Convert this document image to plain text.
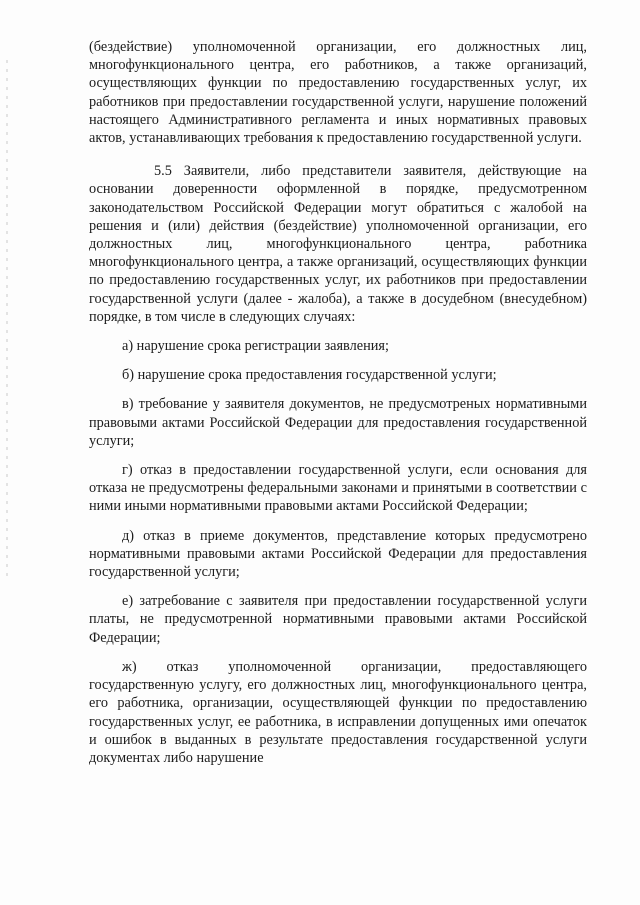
(бездействие) уполномоченной организации, его должностных лиц, многофункционального центра, его работников, а также организаций, осуществляющих функции по предоставлению государственных услуг, их работников при предоставлении государственной услуги, нарушение положений настоящего Административного регламента и иных нормативных правовых актов, устанавливающих требования к предоставлению государственной услуги.

5.5 Заявители, либо представители заявителя, действующие на основании доверенности оформленной в порядке, предусмотренном законодательством Российской Федерации могут обратиться с жалобой на решения и (или) действия (бездействие) уполномоченной организации, его должностных лиц, многофункционального центра, работника многофункционального центра, а также организаций, осуществляющих функции по предоставлению государственных услуг, их работников при предоставлении государственной услуги (далее - жалоба), а также в досудебном (внесудебном) порядке, в том числе в следующих случаях:

а) нарушение срока регистрации заявления;

б) нарушение срока предоставления государственной услуги;

в) требование у заявителя документов, не предусмотреных нормативными правовыми актами Российской Федерации для предоставления государственной услуги;

г) отказ в предоставлении государственной услуги, если основания для отказа не предусмотрены федеральными законами и принятыми в соответствии с ними иными нормативными правовыми актами Российской Федерации;

д) отказ в приеме документов, представление которых предусмотрено нормативными правовыми актами Российской Федерации для предоставления государственной услуги;

е) затребование с заявителя при предоставлении государственной услуги платы, не предусмотренной нормативными правовыми актами Российской Федерации;

ж) отказ уполномоченной организации, предоставляющего государственную услугу, его должностных лиц, многофункционального центра, его работника, организации, осуществляющей функции по предоставлению государственных услуг, ее работника, в исправлении допущенных ими опечаток и ошибок в выданных в результате предоставления государственной услуги документах либо нарушение
